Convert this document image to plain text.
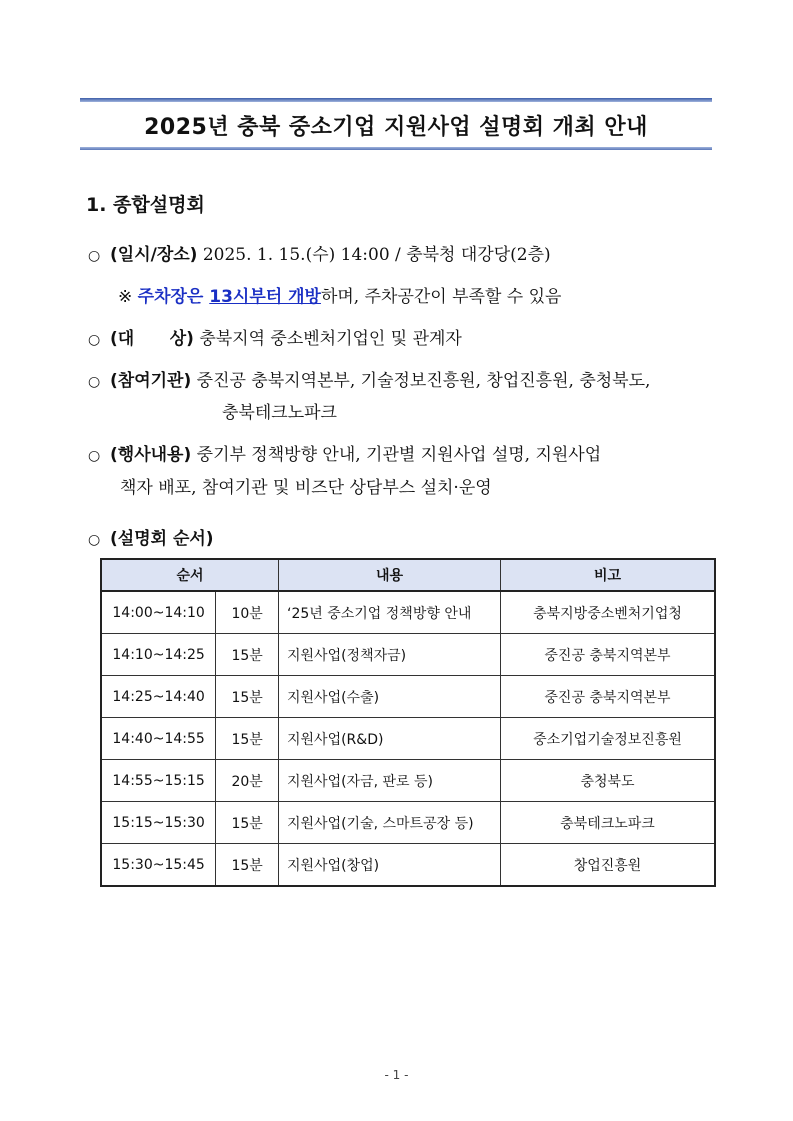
2025년 충북 중소기업 지원사업 설명회 개최 안내
1. 종합설명회
○ (일시/장소) 2025. 1. 15.(수) 14:00 / 충북청 대강당(2층)
※ 주차장은 13시부터 개방하며, 주차공간이 부족할 수 있음
○ (대      상) 충북지역 중소벤처기업인 및 관계자
○ (참여기관) 중진공 충북지역본부, 기술정보진흥원, 창업진흥원, 충청북도,
충북테크노파크
○ (행사내용) 중기부 정책방향 안내, 기관별 지원사업 설명, 지원사업
책자 배포, 참여기관 및 비즈단 상담부스 설치·운영
○ (설명회 순서)
순서		내용	비고
14:00~14:10	10분	‘25년 중소기업 정책방향 안내	충북지방중소벤처기업청
14:10~14:25	15분	지원사업(정책자금)	중진공 충북지역본부
14:25~14:40	15분	지원사업(수출)	중진공 충북지역본부
14:40~14:55	15분	지원사업(R&D)	중소기업기술정보진흥원
14:55~15:15	20분	지원사업(자금, 판로 등)	충청북도
15:15~15:30	15분	지원사업(기술, 스마트공장 등)	충북테크노파크
15:30~15:45	15분	지원사업(창업)	창업진흥원
- 1 -
